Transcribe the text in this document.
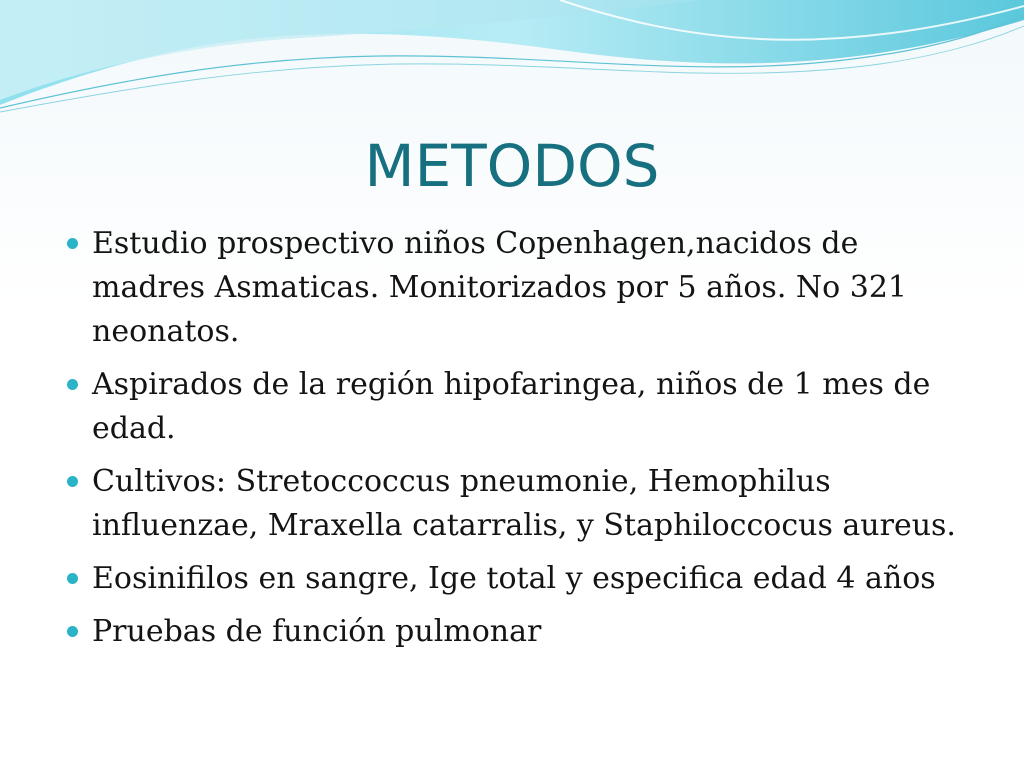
METODOS
Estudio prospectivo niños Copenhagen,nacidos de madres Asmaticas. Monitorizados por 5 años. No 321 neonatos.
Aspirados de la región hipofaringea, niños de 1 mes de edad.
Cultivos: Stretoccoccus pneumonie, Hemophilus influenzae, Mraxella catarralis, y Staphiloccocus aureus.
Eosinifilos en sangre, Ige total y especifica edad 4 años
Pruebas de función pulmonar
